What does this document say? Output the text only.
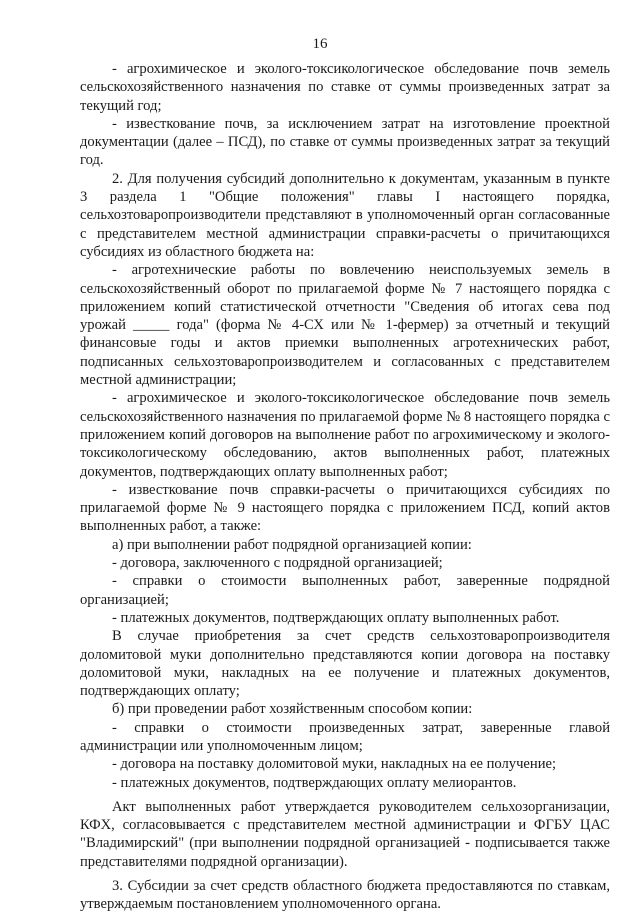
16

- агрохимическое и эколого-токсикологическое обследование почв земель сельскохозяйственного назначения по ставке от суммы произведенных затрат за текущий год;

- известкование почв, за исключением затрат на изготовление проектной документации (далее – ПСД), по ставке от суммы произведенных затрат за текущий год.

2. Для получения субсидий дополнительно к документам, указанным в пункте 3 раздела 1 "Общие положения" главы I настоящего порядка, сельхозтоваропроизводители представляют в уполномоченный орган согласованные с представителем местной администрации справки-расчеты о причитающихся субсидиях из областного бюджета на:

- агротехнические работы по вовлечению неиспользуемых земель в сельскохозяйственный оборот по прилагаемой форме № 7 настоящего порядка с приложением копий статистической отчетности "Сведения об итогах сева под урожай _____ года" (форма № 4-СХ или № 1-фермер) за отчетный и текущий финансовые годы и актов приемки выполненных агротехнических работ, подписанных сельхозтоваропроизводителем и согласованных с представителем местной администрации;

- агрохимическое и эколого-токсикологическое обследование почв земель сельскохозяйственного назначения по прилагаемой форме № 8 настоящего порядка с приложением копий договоров на выполнение работ по агрохимическому и эколого-токсикологическому обследованию, актов выполненных работ, платежных документов, подтверждающих оплату выполненных работ;

- известкование почв справки-расчеты о причитающихся субсидиях по прилагаемой форме № 9 настоящего порядка с приложением ПСД, копий актов выполненных работ, а также:

а) при выполнении работ подрядной организацией копии:

- договора, заключенного с подрядной организацией;

- справки о стоимости выполненных работ, заверенные подрядной организацией;

- платежных документов, подтверждающих оплату выполненных работ.

В случае приобретения за счет средств сельхозтоваропроизводителя доломитовой муки дополнительно представляются копии договора на поставку доломитовой муки, накладных на ее получение и платежных документов, подтверждающих оплату;

б) при проведении работ хозяйственным способом копии:

- справки о стоимости произведенных затрат, заверенные главой администрации или уполномоченным лицом;

- договора на поставку доломитовой муки, накладных на ее получение;

- платежных документов, подтверждающих оплату мелиорантов.

Акт выполненных работ утверждается руководителем сельхозорганизации, КФХ, согласовывается с представителем местной администрации и ФГБУ ЦАС "Владимирский" (при выполнении подрядной организацией - подписывается также представителями подрядной организации).

3. Субсидии за счет средств областного бюджета предоставляются по ставкам, утверждаемым постановлением уполномоченного органа.
